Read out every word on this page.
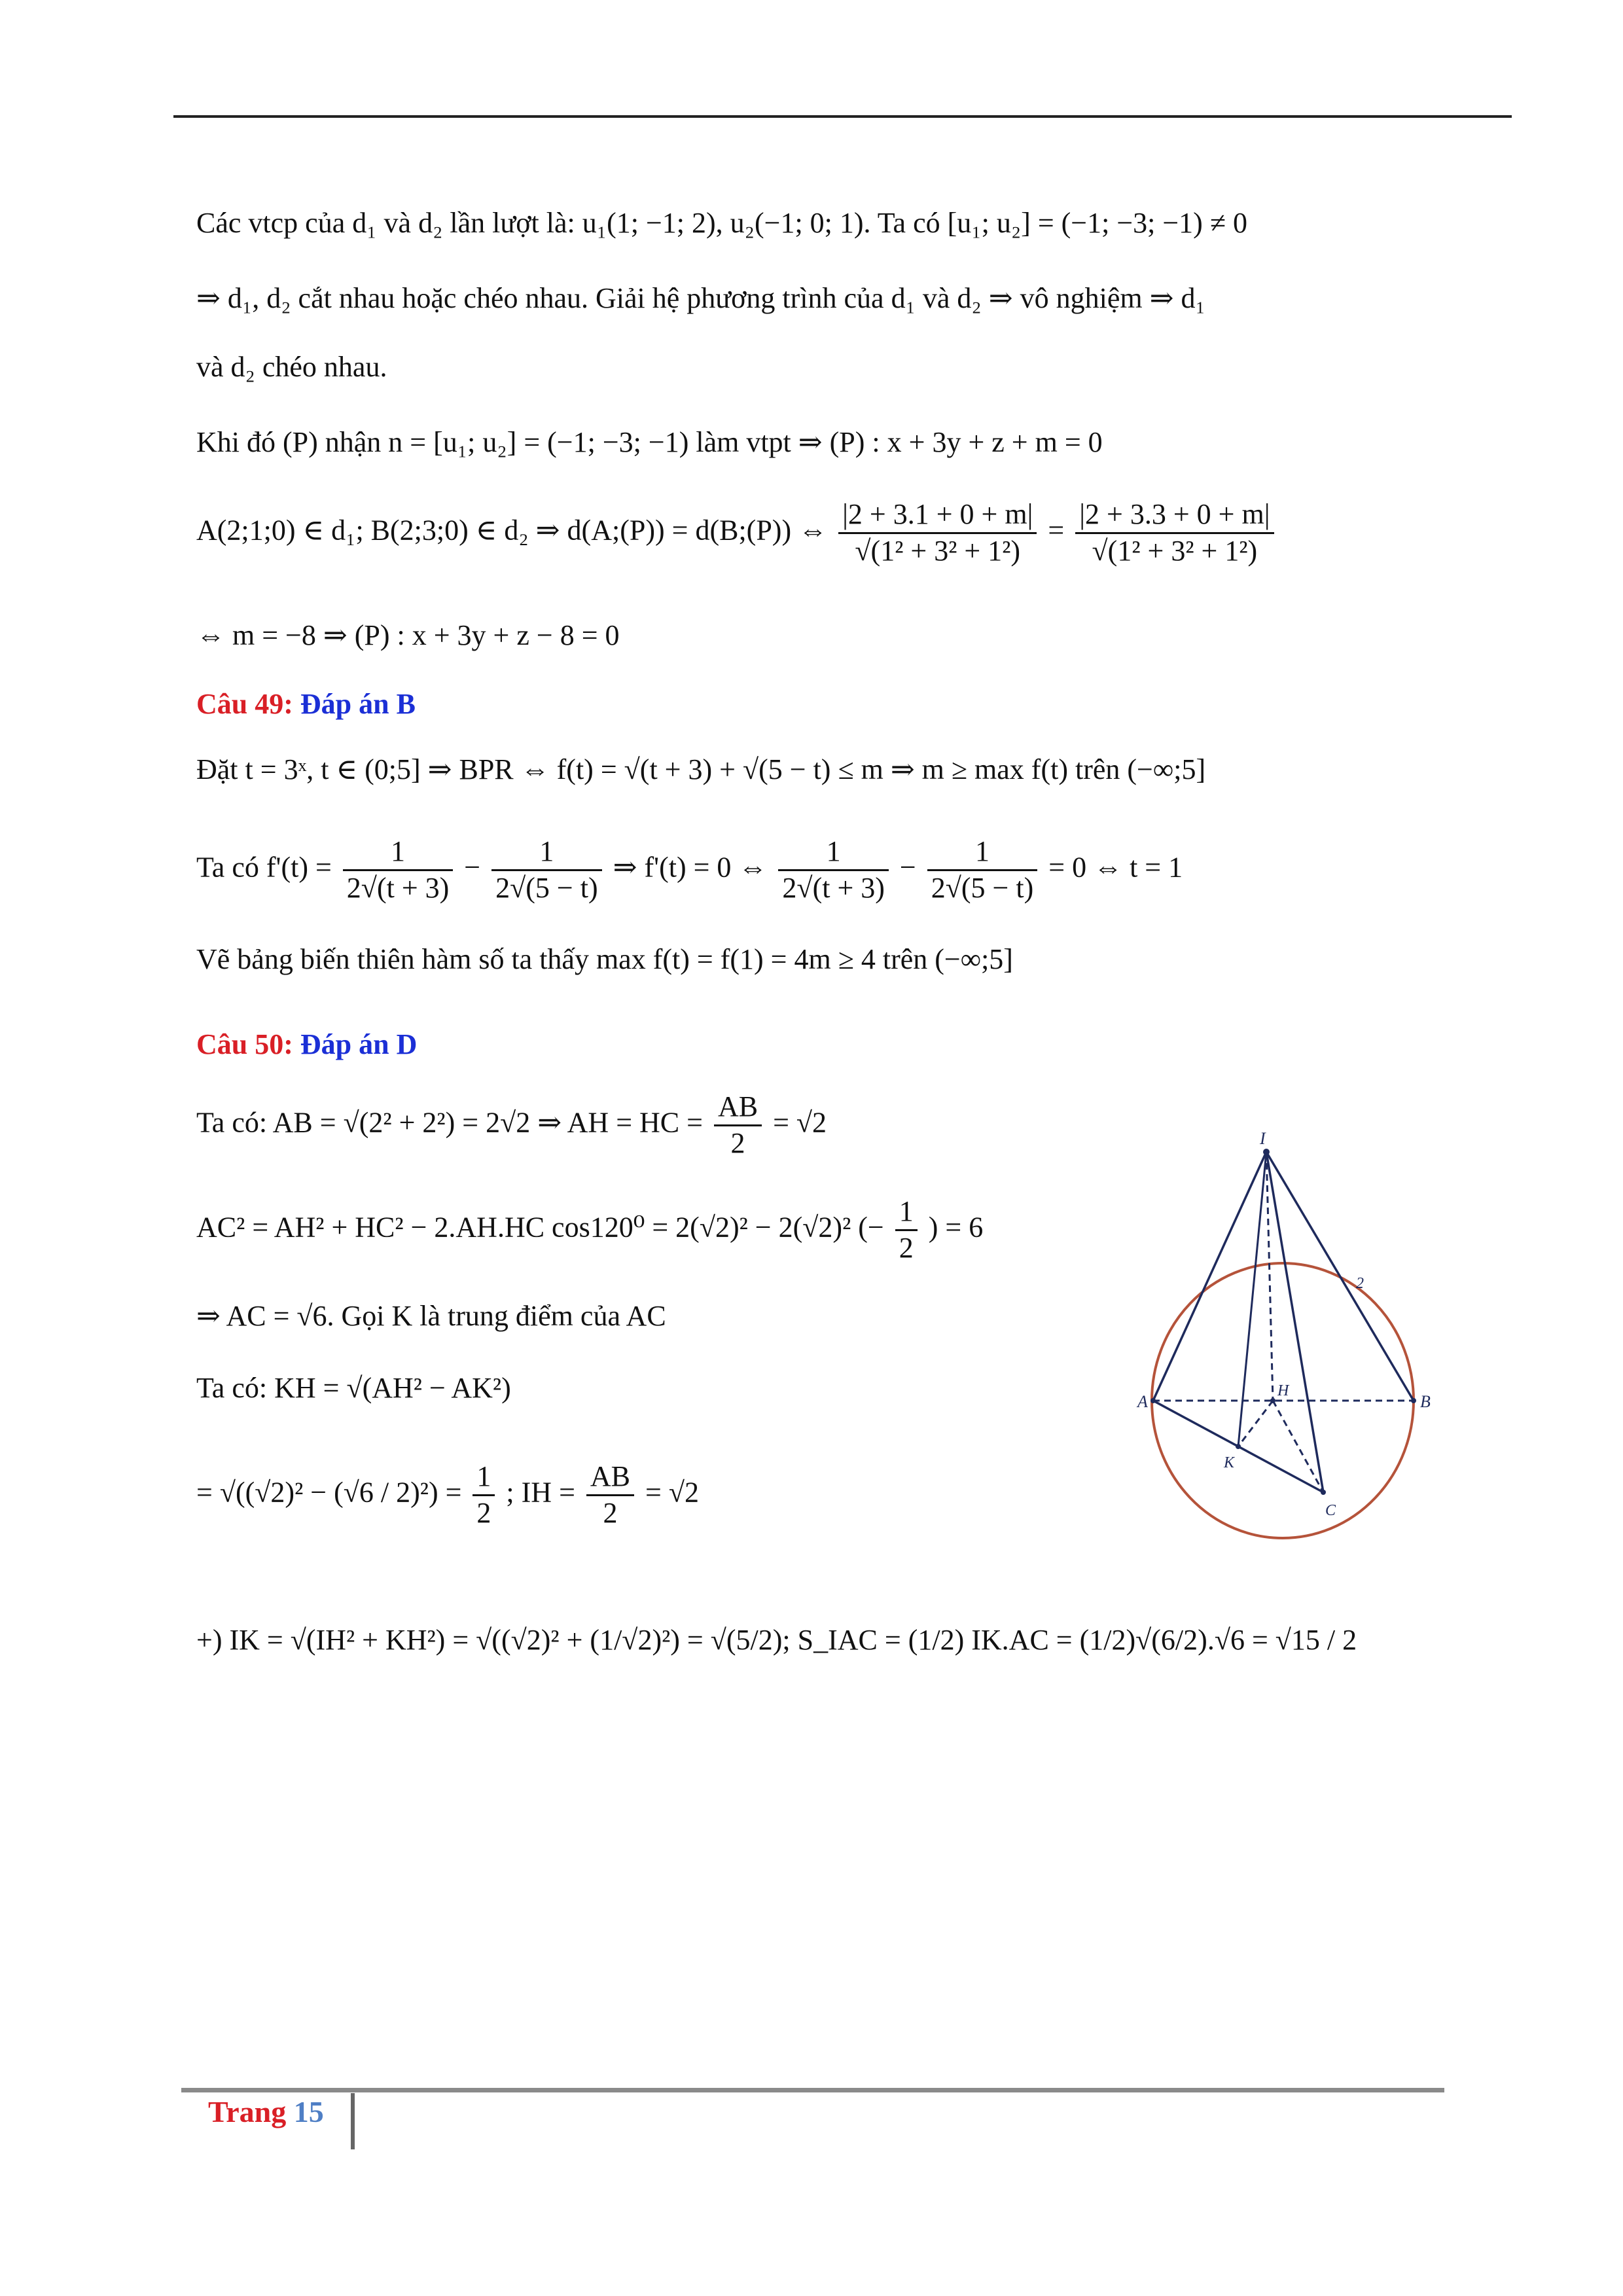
Các vtcp của d₁ và d₂ lần lượt là: u₁(1; −1; 2), u₂(−1; 0; 1). Ta có [u₁; u₂] = (−1; −3; −1) ≠ 0
⇒ d₁, d₂ cắt nhau hoặc chéo nhau. Giải hệ phương trình của d₁ và d₂ ⇒ vô nghiệm ⇒ d₁
và d₂ chéo nhau.
Khi đó (P) nhận n = [u₁; u₂] = (−1; −3; −1) làm vtpt ⇒ (P) : x + 3y + z + m = 0
A(2;1;0) ∈ d₁; B(2;3;0) ∈ d₂ ⇒ d(A;(P)) = d(B;(P)) ⇔ $\frac{|2 + 3.1 + 0 + m|}{\text{√(1² + 3² + 1²)}} = \frac{|2 + 3.3 + 0 + m|}{\text{√(1² + 3² + 1²)}}$
⇔ m = −8 ⇒ (P) : x + 3y + z − 8 = 0
Câu 49: Đáp án B
Đặt t = 3ˣ, t ∈ (0;5] ⇒ BPR ⇔ f(t) = √(t + 3) + √(5 − t) ≤ m ⇒ m ≥ max f(t) trên (−∞;5]
Ta có $f'(t) = \frac{1}{2√(t + 3)} - \frac{1}{2√(5 - t)}$ ⇒ f'(t) = 0 ⇔ $\frac{1}{2√(t + 3)} - \frac{1}{2√(5 - t)} = 0$ ⇔ t = 1
Vẽ bảng biến thiên hàm số ta thấy max f(t) = f(1) = 4m ≥ 4 trên (−∞;5]
Câu 50: Đáp án D
Ta có: AB = √(2² + 2²) = 2√2 ⇒ AH = HC = $\frac{AB}{2} = √2$
AC² = AH² + HC² − 2.AH.HC cos120⁰ = 2(√2)² − 2(√2)² (− $\frac{1}{2}$ ) = 6
⇒ AC = √6. Gọi K là trung điểm của AC
Ta có: KH = √(AH² − AK²)
= $√((√2)^2 - (√6 / 2)^2) = \frac{1}{2}$ ; IH = $\frac{AB}{2} = √2$
+) IK = √(IH² + KH²) = √((√2)² + (1/√2)²) = √(5/2); S_IAC = (1/2) IK.AC = (1/2)√(6/2).√6 = √15 / 2
I
A	B
H
K
C
2
Trang 15
